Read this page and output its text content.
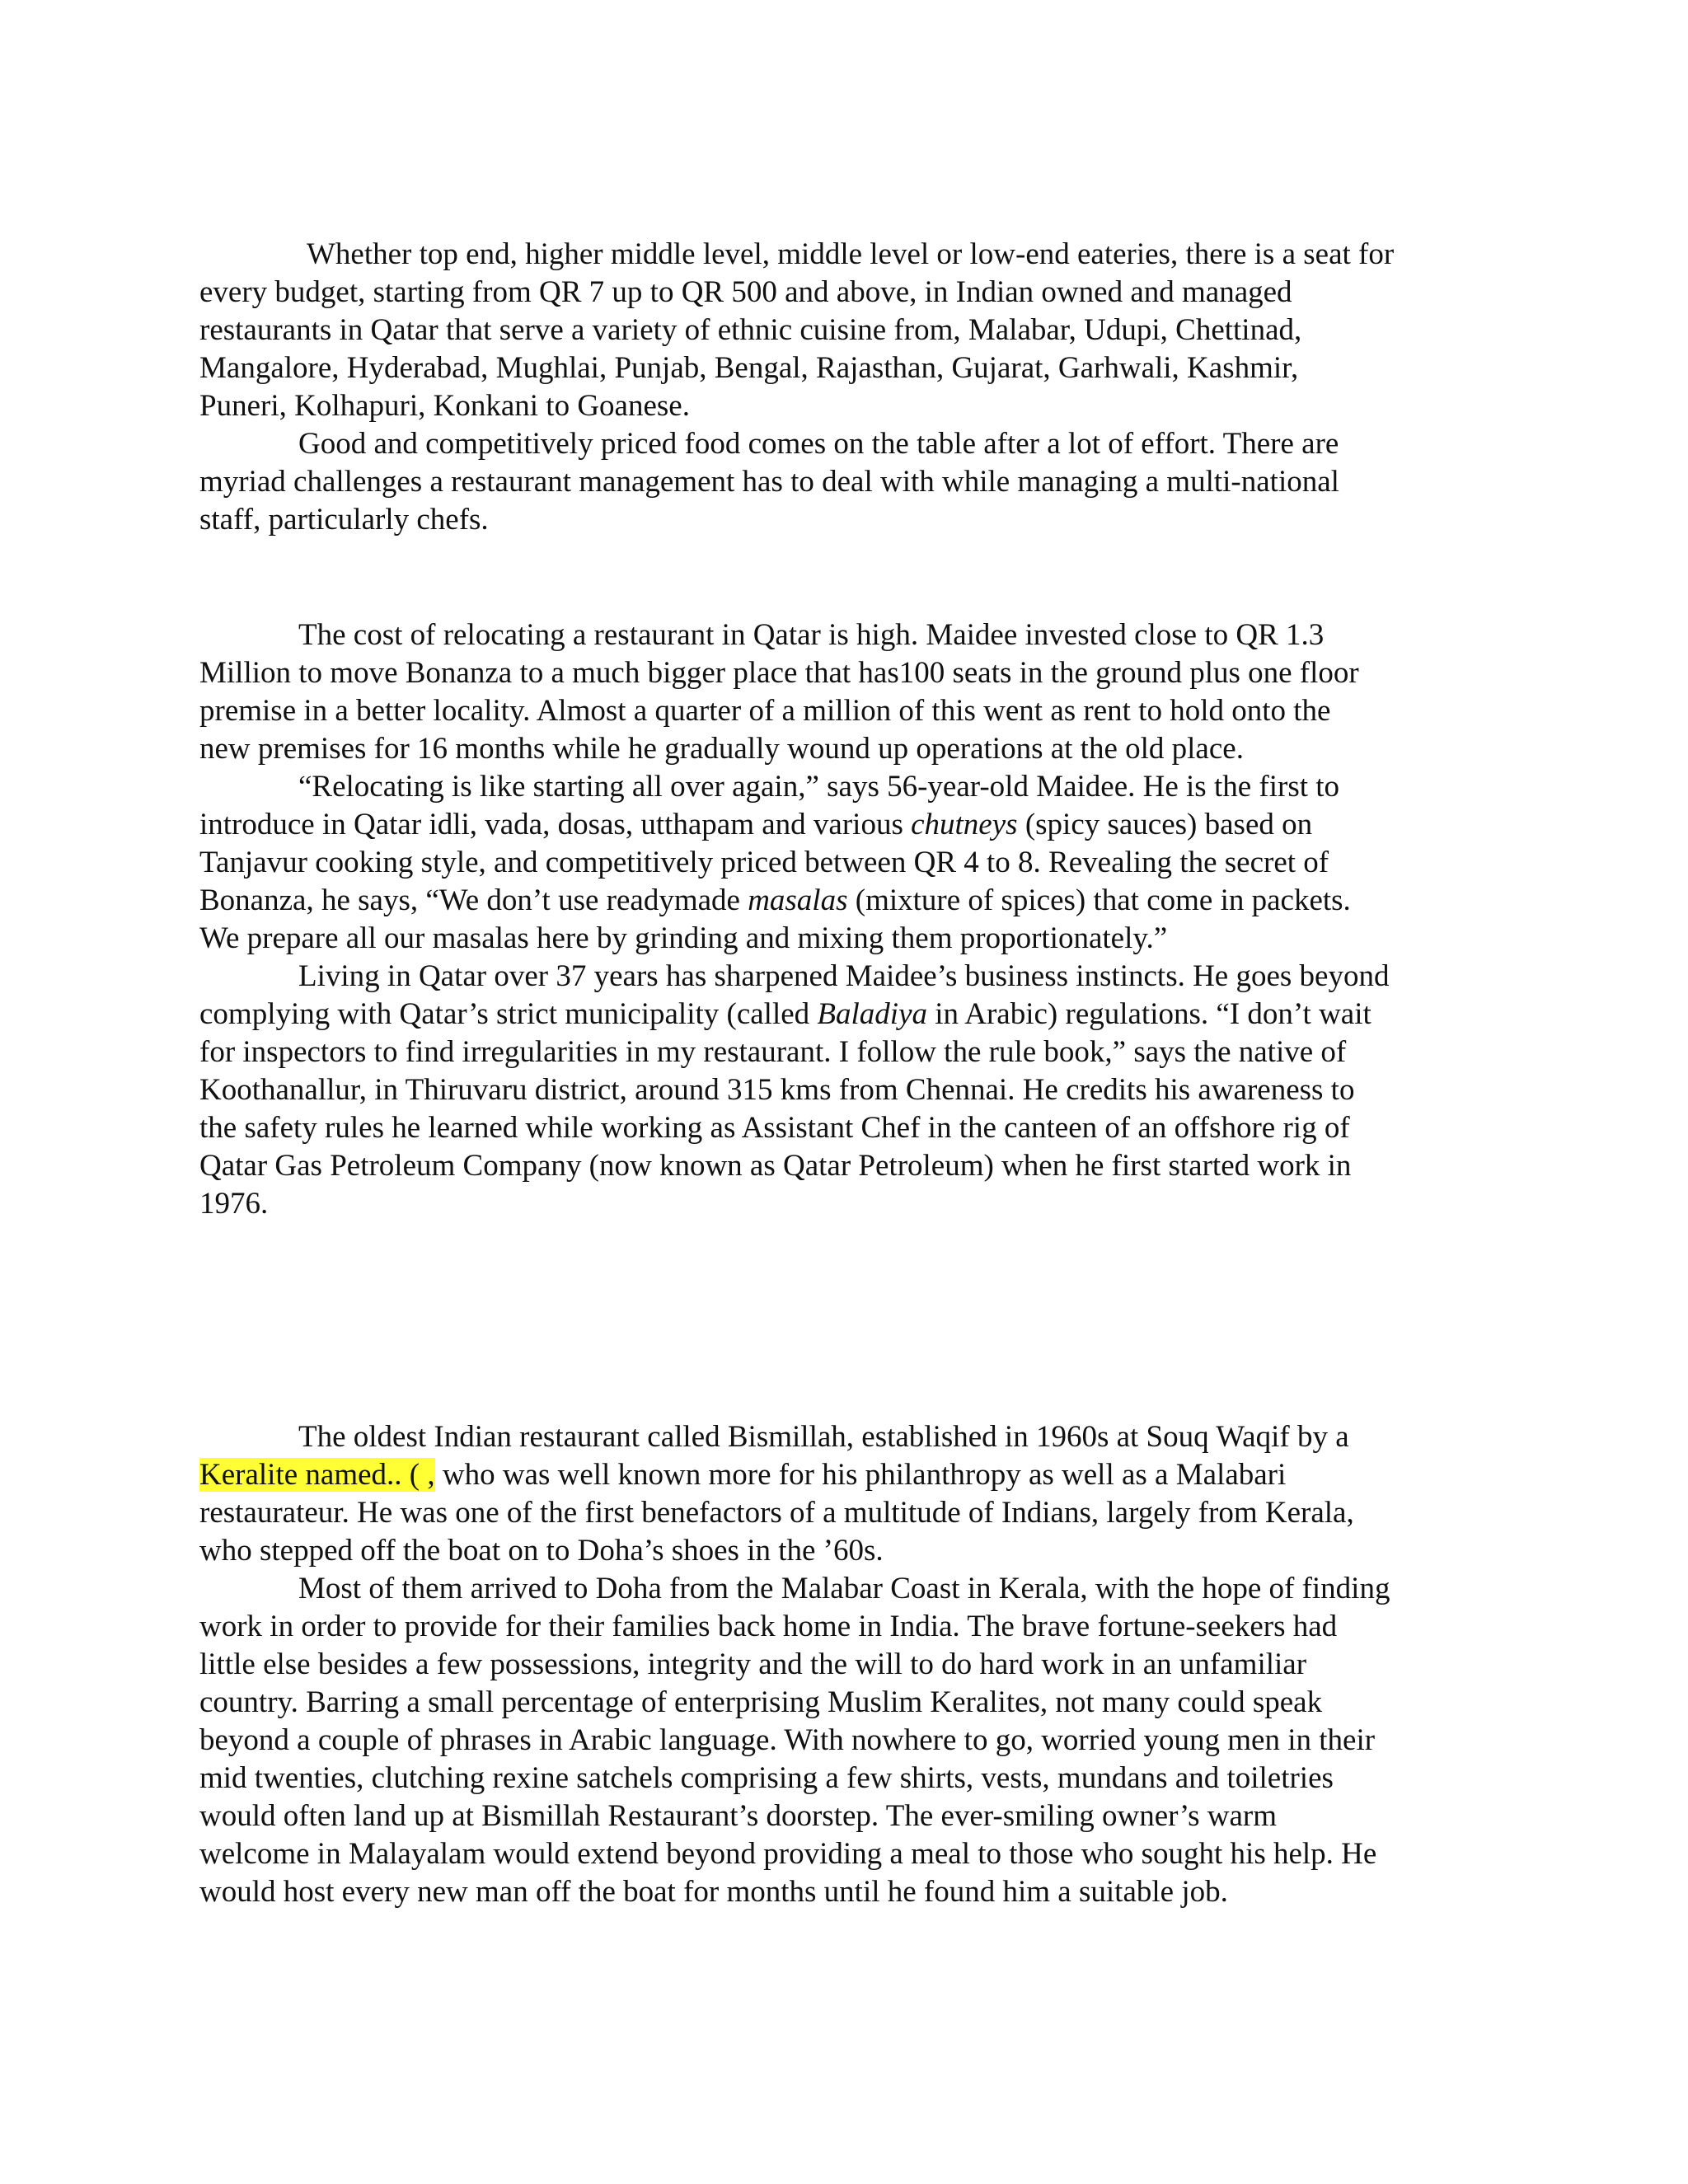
Whether top end, higher middle level, middle level or low-end eateries, there is a seat for

every budget, starting from QR 7 up to QR 500 and above, in Indian owned and managed

restaurants in Qatar that serve a variety of ethnic cuisine from, Malabar, Udupi, Chettinad,

Mangalore, Hyderabad, Mughlai, Punjab, Bengal, Rajasthan, Gujarat, Garhwali, Kashmir,

Puneri, Kolhapuri, Konkani to Goanese.

Good and competitively priced food comes on the table after a lot of effort. There are

myriad challenges a restaurant management has to deal with while managing a multi-national

staff, particularly chefs.

The cost of relocating a restaurant in Qatar is high. Maidee invested close to QR 1.3

Million to move Bonanza to a much bigger place that has100 seats in the ground plus one floor

premise in a better locality. Almost a quarter of a million of this went as rent to hold onto the

new premises for 16 months while he gradually wound up operations at the old place.

“Relocating is like starting all over again,” says 56-year-old Maidee. He is the first to

introduce in Qatar idli, vada, dosas, utthapam and various chutneys (spicy sauces) based on

Tanjavur cooking style, and competitively priced between QR 4 to 8. Revealing the secret of

Bonanza, he says, “We don’t use readymade masalas (mixture of spices) that come in packets.

We prepare all our masalas here by grinding and mixing them proportionately.”

Living in Qatar over 37 years has sharpened Maidee’s business instincts. He goes beyond

complying with Qatar’s strict municipality (called Baladiya in Arabic) regulations. “I don’t wait

for inspectors to find irregularities in my restaurant. I follow the rule book,” says the native of

Koothanallur, in Thiruvaru district, around 315 kms from Chennai. He credits his awareness to

the safety rules he learned while working as Assistant Chef in the canteen of an offshore rig of

Qatar Gas Petroleum Company (now known as Qatar Petroleum) when he first started work in

1976.

The oldest Indian restaurant called Bismillah, established in 1960s at Souq Waqif by a

Keralite named.. ( , who was well known more for his philanthropy as well as a Malabari

restaurateur. He was one of the first benefactors of a multitude of Indians, largely from Kerala,

who stepped off the boat on to Doha’s shoes in the ’60s.

Most of them arrived to Doha from the Malabar Coast in Kerala, with the hope of finding

work in order to provide for their families back home in India. The brave fortune-seekers had

little else besides a few possessions, integrity and the will to do hard work in an unfamiliar

country. Barring a small percentage of enterprising Muslim Keralites, not many could speak

beyond a couple of phrases in Arabic language. With nowhere to go, worried young men in their

mid twenties, clutching rexine satchels comprising a few shirts, vests, mundans and toiletries

would often land up at Bismillah Restaurant’s doorstep. The ever-smiling owner’s warm

welcome in Malayalam would extend beyond providing a meal to those who sought his help. He

would host every new man off the boat for months until he found him a suitable job.
